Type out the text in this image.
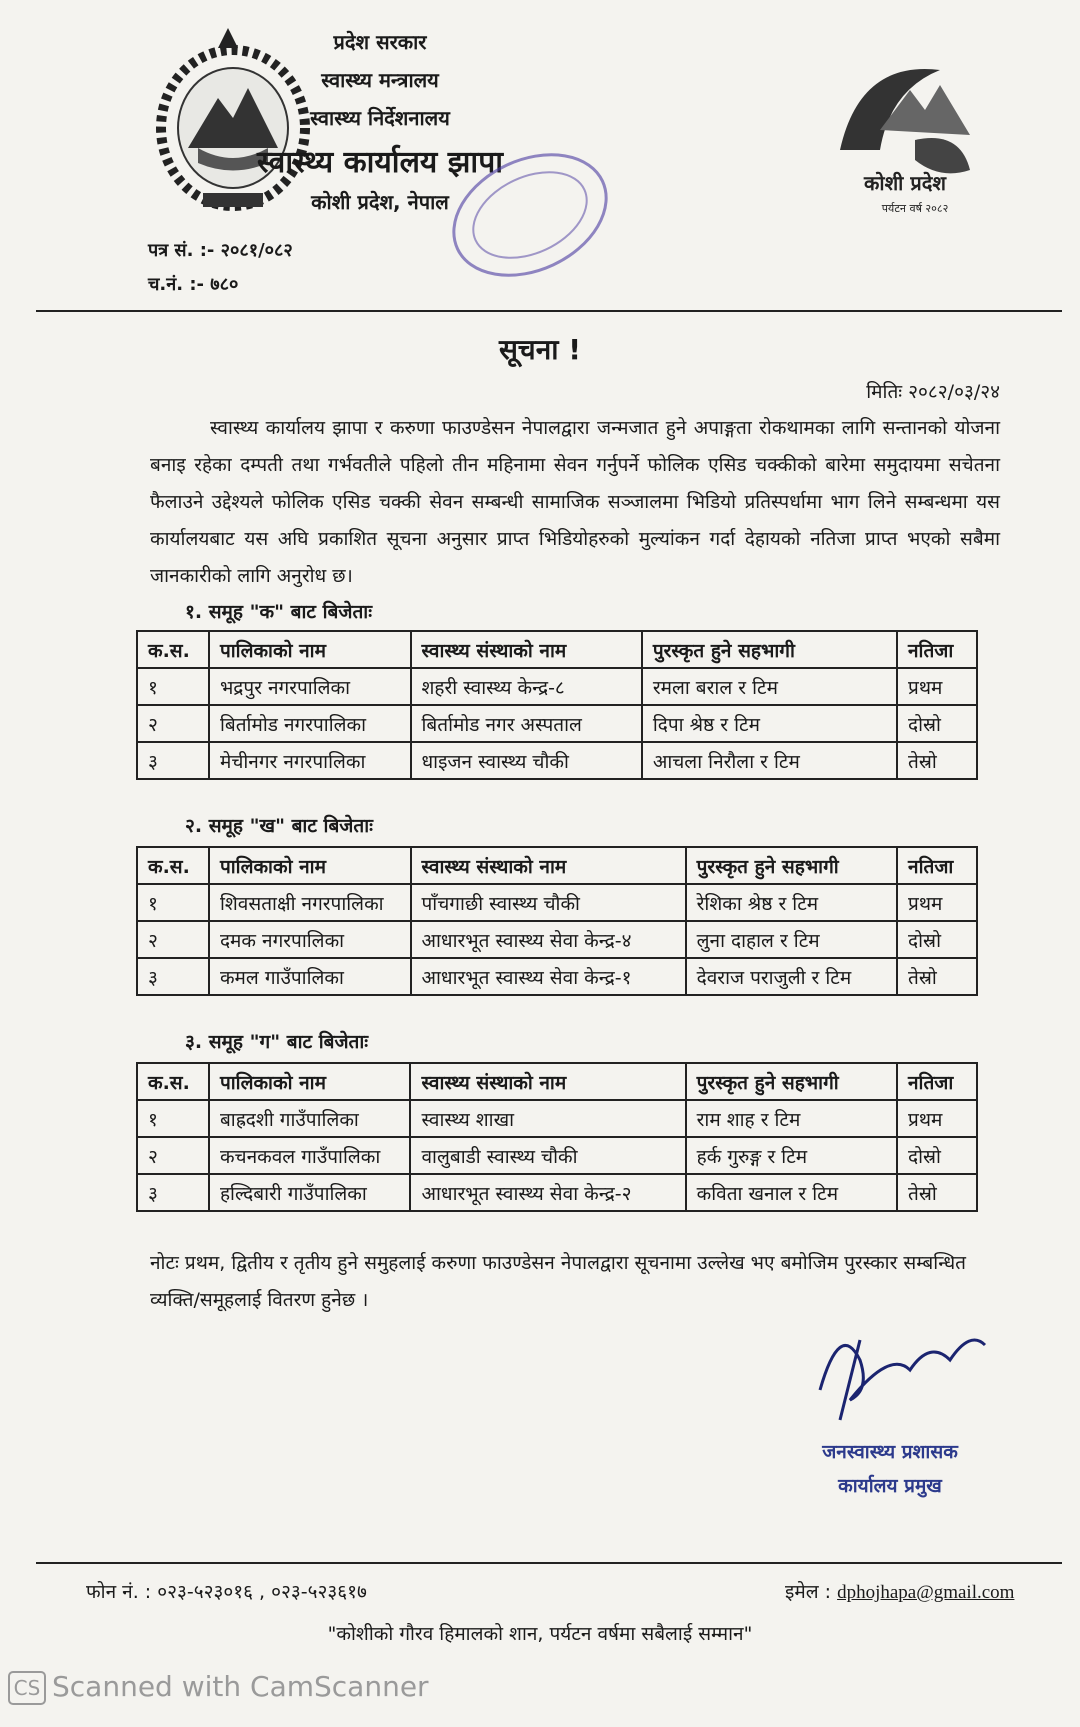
प्रदेश सरकार
स्वास्थ्य मन्त्रालय
स्वास्थ्य निर्देशनालय
स्वास्थ्य कार्यालय झापा
कोशी प्रदेश, नेपाल
कोशी प्रदेश
पर्यटन वर्ष २०८२
पत्र सं. :- २०८१/०८२
च.नं. :- ७८०
सूचना !
मितिः २०८२/०३/२४
स्वास्थ्य कार्यालय झापा र करुणा फाउण्डेसन नेपालद्वारा जन्मजात हुने अपाङ्गता रोकथामका लागि सन्तानको योजना बनाइ रहेका दम्पती तथा गर्भवतीले पहिलो तीन महिनामा सेवन गर्नुपर्ने फोलिक एसिड चक्कीको बारेमा समुदायमा सचेतना फैलाउने उद्देश्यले फोलिक एसिड चक्की सेवन सम्बन्धी सामाजिक सञ्जालमा भिडियो प्रतिस्पर्धामा भाग लिने सम्बन्धमा यस कार्यालयबाट यस अघि प्रकाशित सूचना अनुसार प्राप्त भिडियोहरुको मुल्यांकन गर्दा देहायको नतिजा प्राप्त भएको सबैमा जानकारीको लागि अनुरोध छ।
१. समूह "क" बाट बिजेताः
क.स.	पालिकाको नाम	स्वास्थ्य संस्थाको नाम	पुरस्कृत हुने सहभागी	नतिजा
१	भद्रपुर नगरपालिका	शहरी स्वास्थ्य केन्द्र-८	रमला बराल र टिम	प्रथम
२	बिर्तामोड नगरपालिका	बिर्तामोड नगर अस्पताल	दिपा श्रेष्ठ र टिम	दोस्रो
३	मेचीनगर नगरपालिका	धाइजन स्वास्थ्य चौकी	आचला निरौला र टिम	तेस्रो
२. समूह "ख" बाट बिजेताः
क.स.	पालिकाको नाम	स्वास्थ्य संस्थाको नाम	पुरस्कृत हुने सहभागी	नतिजा
१	शिवसताक्षी नगरपालिका	पाँचगाछी स्वास्थ्य चौकी	रेशिका श्रेष्ठ र टिम	प्रथम
२	दमक नगरपालिका	आधारभूत स्वास्थ्य सेवा केन्द्र-४	लुना दाहाल र टिम	दोस्रो
३	कमल गाउँपालिका	आधारभूत स्वास्थ्य सेवा केन्द्र-१	देवराज पराजुली र टिम	तेस्रो
३. समूह "ग" बाट बिजेताः
क.स.	पालिकाको नाम	स्वास्थ्य संस्थाको नाम	पुरस्कृत हुने सहभागी	नतिजा
१	बाह्रदशी गाउँपालिका	स्वास्थ्य शाखा	राम शाह र टिम	प्रथम
२	कचनकवल गाउँपालिका	वालुबाडी स्वास्थ्य चौकी	हर्क गुरुङ्ग र टिम	दोस्रो
३	हल्दिबारी गाउँपालिका	आधारभूत स्वास्थ्य सेवा केन्द्र-२	कविता खनाल र टिम	तेस्रो
नोटः प्रथम, द्वितीय र तृतीय हुने समुहलाई करुणा फाउण्डेसन नेपालद्वारा सूचनामा उल्लेख भए बमोजिम पुरस्कार सम्बन्धित व्यक्ति/समूहलाई वितरण हुनेछ ।
जनस्वास्थ्य प्रशासक
कार्यालय प्रमुख
फोन नं. : ०२३-५२३०१६ , ०२३-५२३६१७	इमेल : dphojhapa@gmail.com
"कोशीको गौरव हिमालको शान, पर्यटन वर्षमा सबैलाई सम्मान"
CS Scanned with CamScanner
